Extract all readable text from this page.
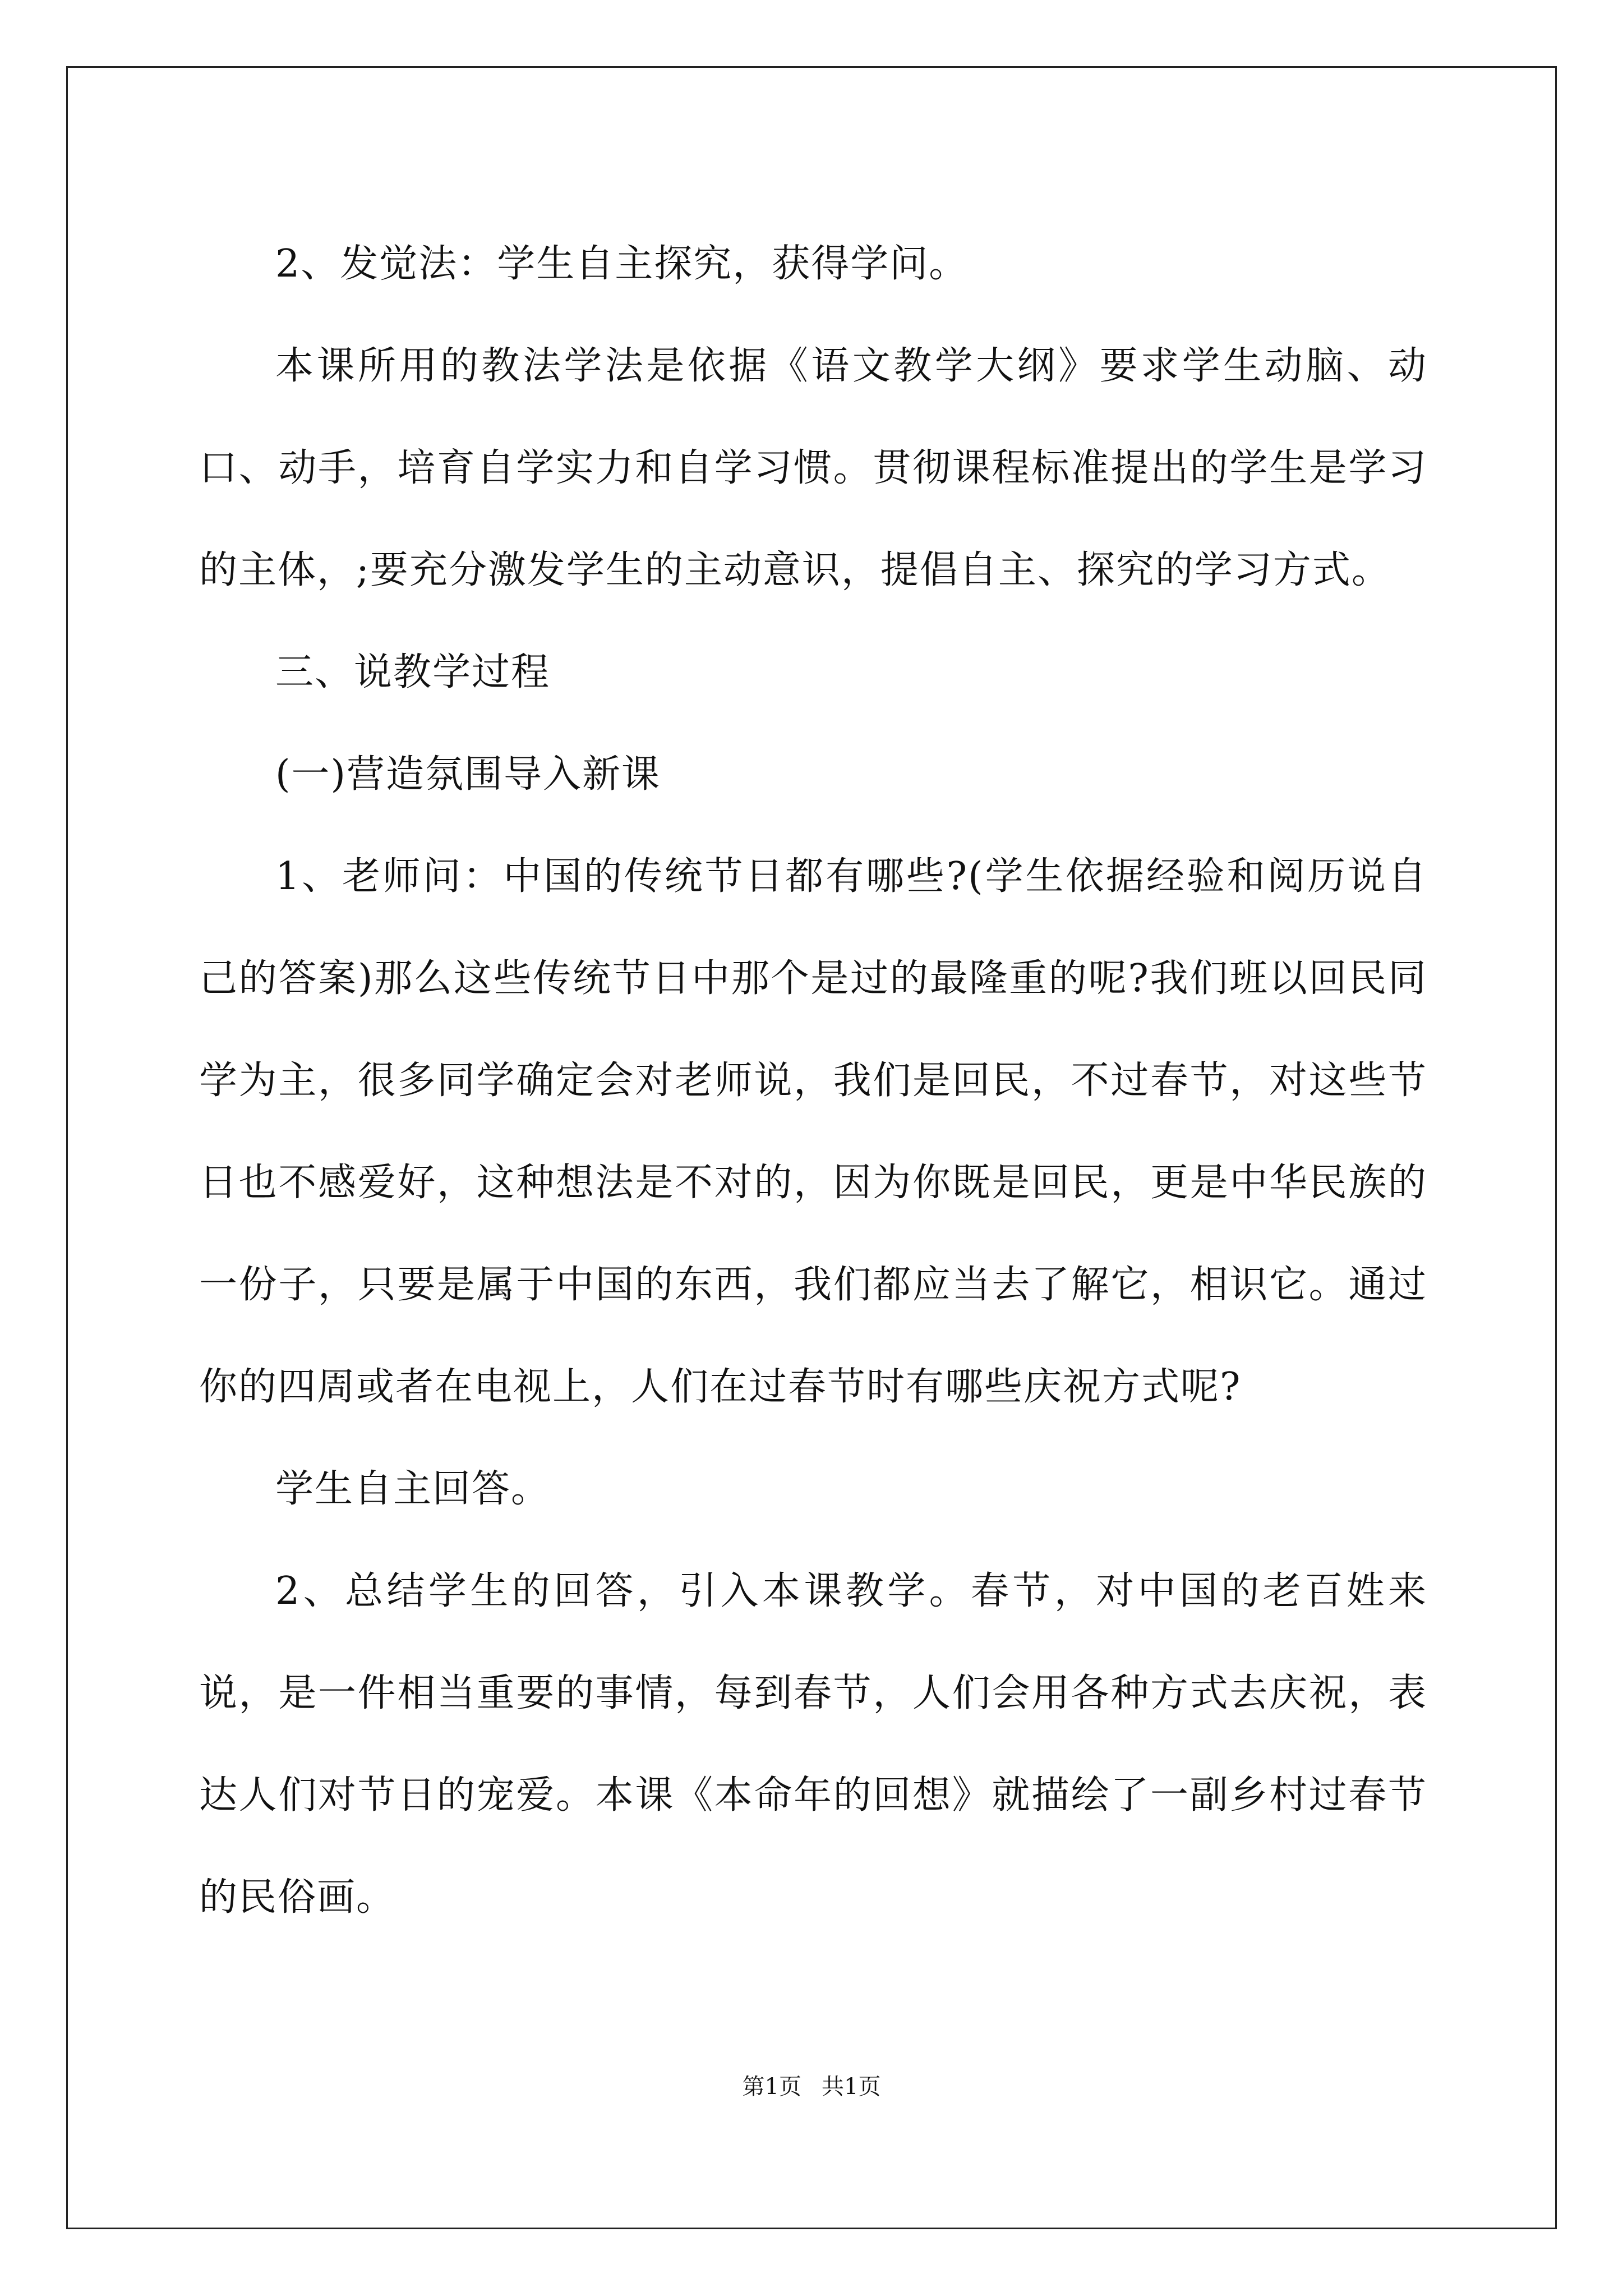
2、发觉法：学生自主探究，获得学问。

本课所用的教法学法是依据《语文教学大纲》要求学生动脑、动口、动手，培育自学实力和自学习惯。贯彻课程标准提出的学生是学习的主体，;要充分激发学生的主动意识，提倡自主、探究的学习方式。

三、说教学过程

(一)营造氛围导入新课

1、老师问：中国的传统节日都有哪些?(学生依据经验和阅历说自己的答案)那么这些传统节日中那个是过的最隆重的呢?我们班以回民同学为主，很多同学确定会对老师说，我们是回民，不过春节，对这些节日也不感爱好，这种想法是不对的，因为你既是回民，更是中华民族的一份子，只要是属于中国的东西，我们都应当去了解它，相识它。通过你的四周或者在电视上，人们在过春节时有哪些庆祝方式呢?

学生自主回答。

2、总结学生的回答，引入本课教学。春节，对中国的老百姓来说，是一件相当重要的事情，每到春节，人们会用各种方式去庆祝，表达人们对节日的宠爱。本课《本命年的回想》就描绘了一副乡村过春节的民俗画。

第1页 共1页
